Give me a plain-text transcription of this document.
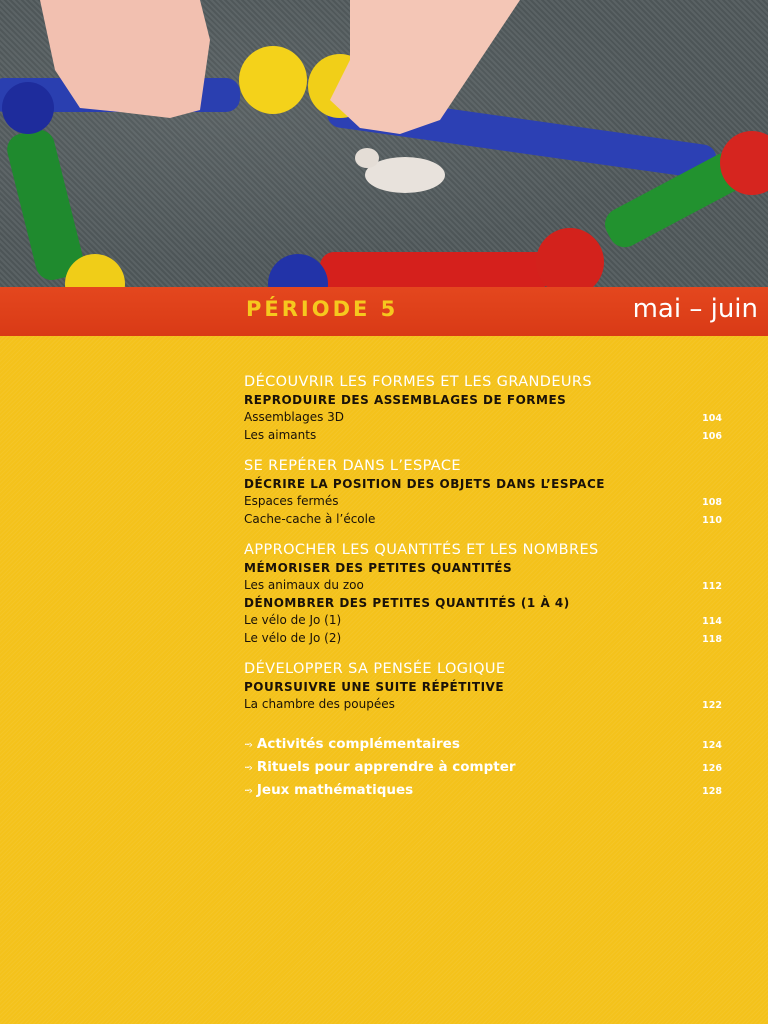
PÉRIODE 5	mai – juin
DÉCOUVRIR LES FORMES ET LES GRANDEURS
REPRODUIRE DES ASSEMBLAGES DE FORMES
Assemblages 3D	104
Les aimants	106
SE REPÉRER DANS L’ESPACE
DÉCRIRE LA POSITION DES OBJETS DANS L’ESPACE
Espaces fermés	108
Cache-cache à l’école	110
APPROCHER LES QUANTITÉS ET LES NOMBRES
MÉMORISER DES PETITES QUANTITÉS
Les animaux du zoo	112
DÉNOMBRER DES PETITES QUANTITÉS (1 À 4)
Le vélo de Jo (1)	114
Le vélo de Jo (2)	118
DÉVELOPPER SA PENSÉE LOGIQUE
POURSUIVRE UNE SUITE RÉPÉTITIVE
La chambre des poupées	122
···› Activités complémentaires	124
···› Rituels pour apprendre à compter	126
···› Jeux mathématiques	128
